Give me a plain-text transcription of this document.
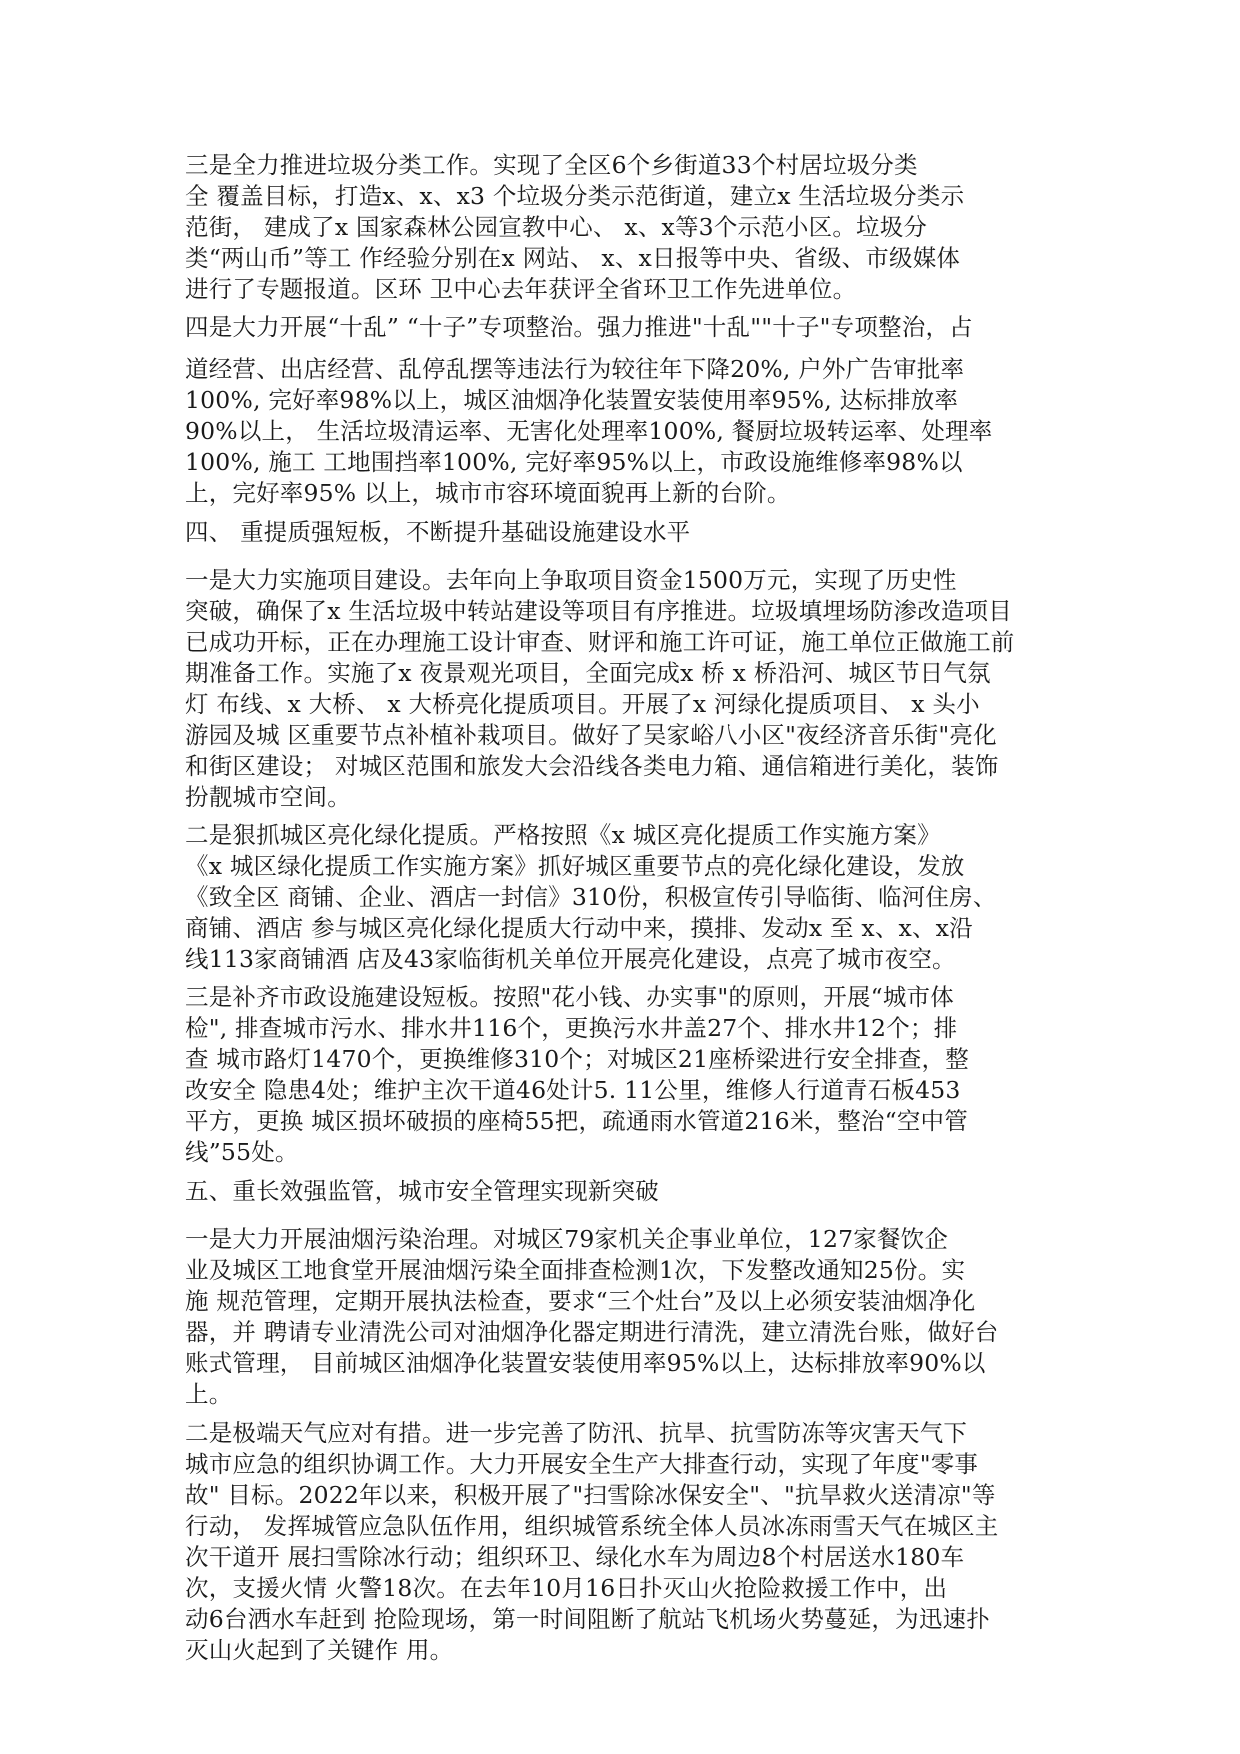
三是全力推进垃圾分类工作。实现了全区6个乡街道33个村居垃圾分类
全 覆盖目标，打造x、x、x3 个垃圾分类示范街道，建立x 生活垃圾分类示
范街， 建成了x 国家森林公园宣教中心、 x、x等3个示范小区。垃圾分
类“两山币”等工 作经验分别在x 网站、 x、x日报等中央、省级、市级媒体
进行了专题报道。区环 卫中心去年获评全省环卫工作先进单位。
四是大力开展“十乱” “十子”专项整治。强力推进"十乱""十子"专项整治，占
道经营、出店经营、乱停乱摆等违法行为较往年下降20%, 户外广告审批率
100%, 完好率98%以上，城区油烟净化装置安装使用率95%, 达标排放率
90%以上， 生活垃圾清运率、无害化处理率100%, 餐厨垃圾转运率、处理率
100%, 施工 工地围挡率100%, 完好率95%以上，市政设施维修率98%以
上，完好率95% 以上，城市市容环境面貌再上新的台阶。
四、 重提质强短板，不断提升基础设施建设水平
一是大力实施项目建设。去年向上争取项目资金1500万元，实现了历史性
突破，确保了x 生活垃圾中转站建设等项目有序推进。垃圾填埋场防渗改造项目
已成功开标，正在办理施工设计审查、财评和施工许可证，施工单位正做施工前
期准备工作。实施了x 夜景观光项目，全面完成x 桥 x 桥沿河、城区节日气氛
灯 布线、x 大桥、 x 大桥亮化提质项目。开展了x 河绿化提质项目、 x 头小
游园及城 区重要节点补植补栽项目。做好了吴家峪八小区"夜经济音乐街"亮化
和街区建设； 对城区范围和旅发大会沿线各类电力箱、通信箱进行美化，装饰
扮靓城市空间。
二是狠抓城区亮化绿化提质。严格按照《x 城区亮化提质工作实施方案》
《x 城区绿化提质工作实施方案》抓好城区重要节点的亮化绿化建设，发放
《致全区 商铺、企业、酒店一封信》310份，积极宣传引导临街、临河住房、
商铺、酒店 参与城区亮化绿化提质大行动中来，摸排、发动x 至 x、x、x沿
线113家商铺酒 店及43家临街机关单位开展亮化建设，点亮了城市夜空。
三是补齐市政设施建设短板。按照"花小钱、办实事"的原则，开展“城市体
检", 排查城市污水、排水井116个，更换污水井盖27个、排水井12个；排
查 城市路灯1470个，更换维修310个；对城区21座桥梁进行安全排查，整
改安全 隐患4处；维护主次干道46处计5. 11公里，维修人行道青石板453
平方，更换 城区损坏破损的座椅55把，疏通雨水管道216米，整治“空中管
线”55处。
五、重长效强监管，城市安全管理实现新突破
一是大力开展油烟污染治理。对城区79家机关企事业单位，127家餐饮企
业及城区工地食堂开展油烟污染全面排查检测1次，下发整改通知25份。实
施 规范管理，定期开展执法检查，要求“三个灶台”及以上必须安装油烟净化
器，并 聘请专业清洗公司对油烟净化器定期进行清洗，建立清洗台账，做好台
账式管理， 目前城区油烟净化装置安装使用率95%以上，达标排放率90%以
上。
二是极端天气应对有措。进一步完善了防汛、抗旱、抗雪防冻等灾害天气下
城市应急的组织协调工作。大力开展安全生产大排查行动，实现了年度"零事
故" 目标。2022年以来，积极开展了"扫雪除冰保安全"、"抗旱救火送清凉"等
行动， 发挥城管应急队伍作用，组织城管系统全体人员冰冻雨雪天气在城区主
次干道开 展扫雪除冰行动；组织环卫、绿化水车为周边8个村居送水180车
次，支援火情 火警18次。在去年10月16日扑灭山火抢险救援工作中，出
动6台洒水车赶到 抢险现场，第一时间阻断了航站飞机场火势蔓延，为迅速扑
灭山火起到了关键作 用。
